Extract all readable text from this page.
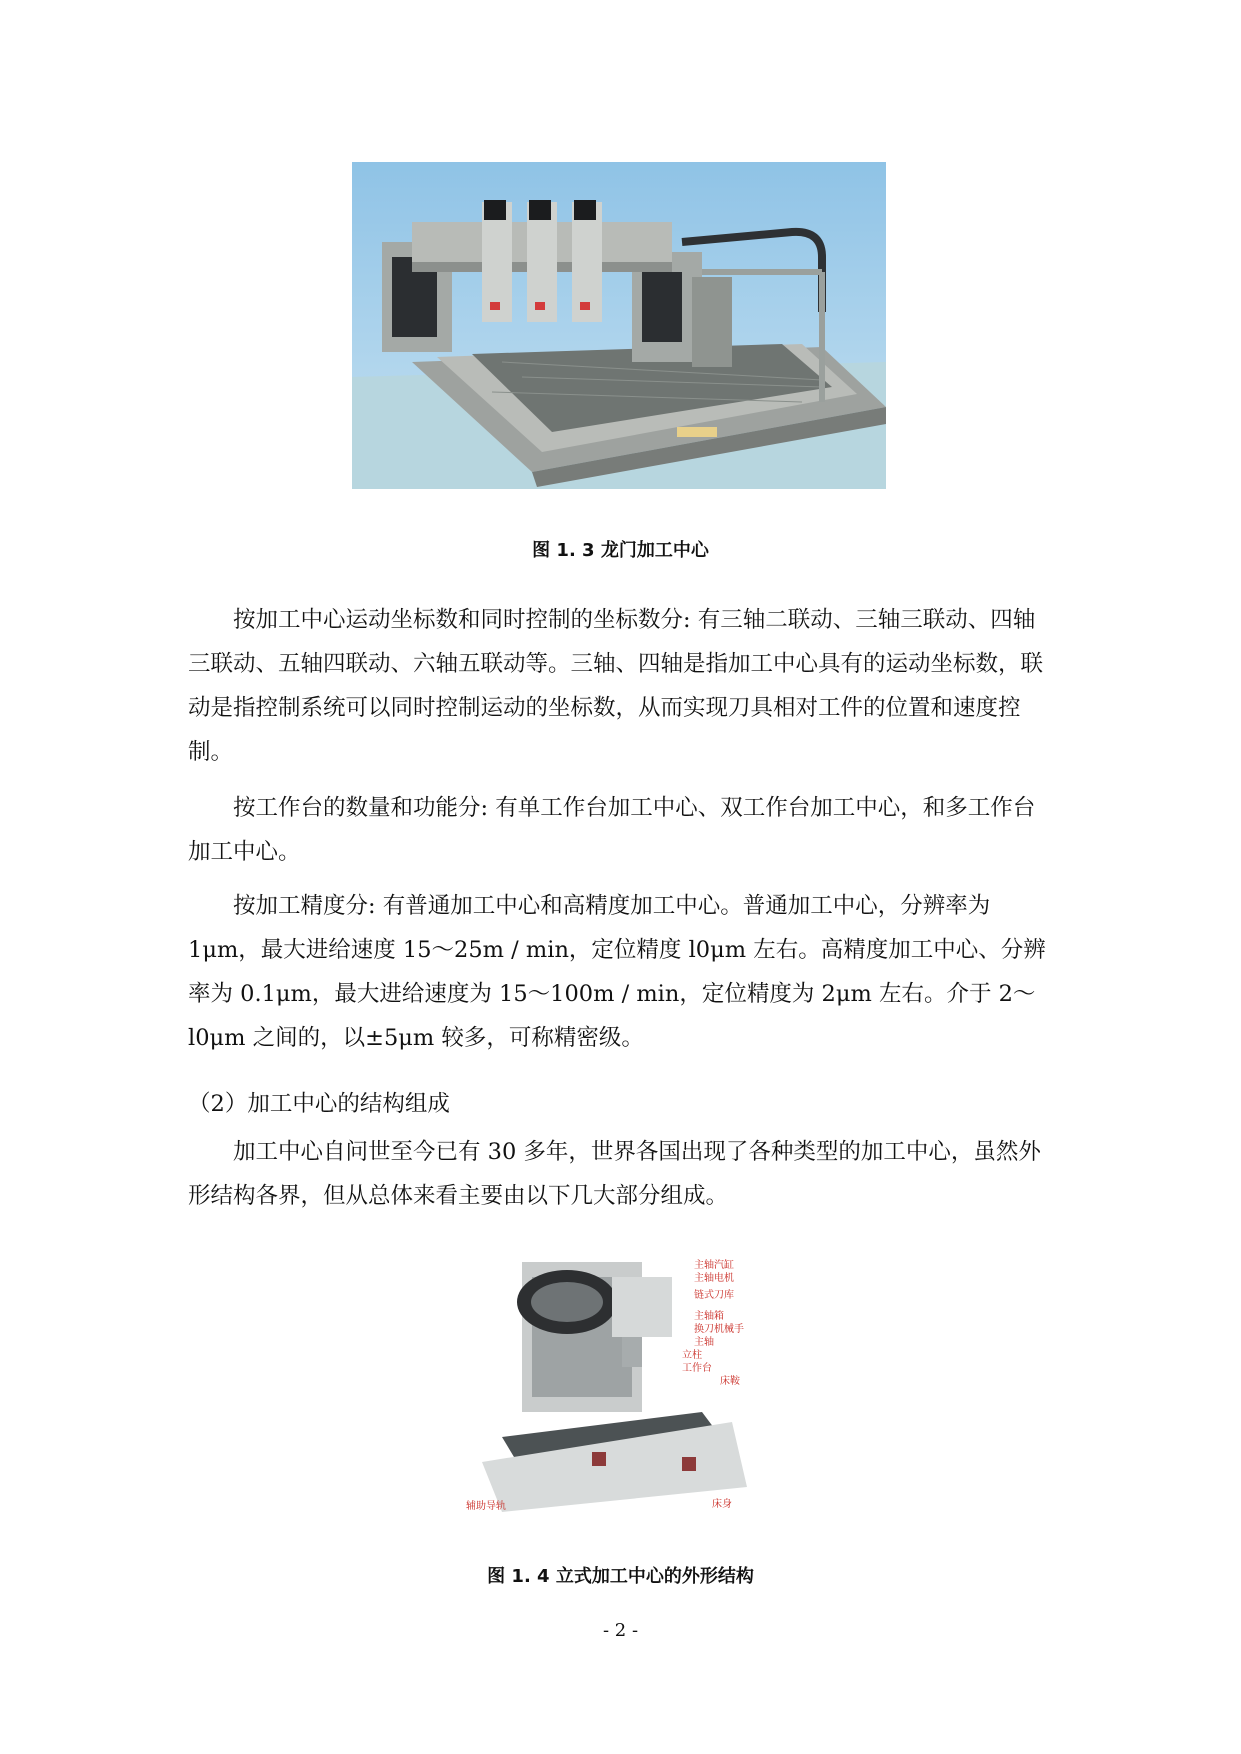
图 1. 3 龙门加工中心

按加工中心运动坐标数和同时控制的坐标数分: 有三轴二联动、三轴三联动、四轴三联动、五轴四联动、六轴五联动等。三轴、四轴是指加工中心具有的运动坐标数，联动是指控制系统可以同时控制运动的坐标数，从而实现刀具相对工件的位置和速度控制。

按工作台的数量和功能分: 有单工作台加工中心、双工作台加工中心，和多工作台加工中心。

按加工精度分: 有普通加工中心和高精度加工中心。普通加工中心，分辨率为 1μm，最大进给速度 15～25m / min，定位精度 l0μm 左右。高精度加工中心、分辨率为 0.1μm，最大进给速度为 15～100m / min，定位精度为 2μm 左右。介于 2～l0μm 之间的，以±5μm 较多，可称精密级。

（2）加工中心的结构组成

加工中心自问世至今已有 30 多年，世界各国出现了各种类型的加工中心，虽然外形结构各界，但从总体来看主要由以下几大部分组成。

主轴汽缸
主轴电机
链式刀库
主轴箱
换刀机械手
主轴
立柱
工作台
床鞍
辅助导轨	床身
图 1. 4 立式加工中心的外形结构
- 2 -
